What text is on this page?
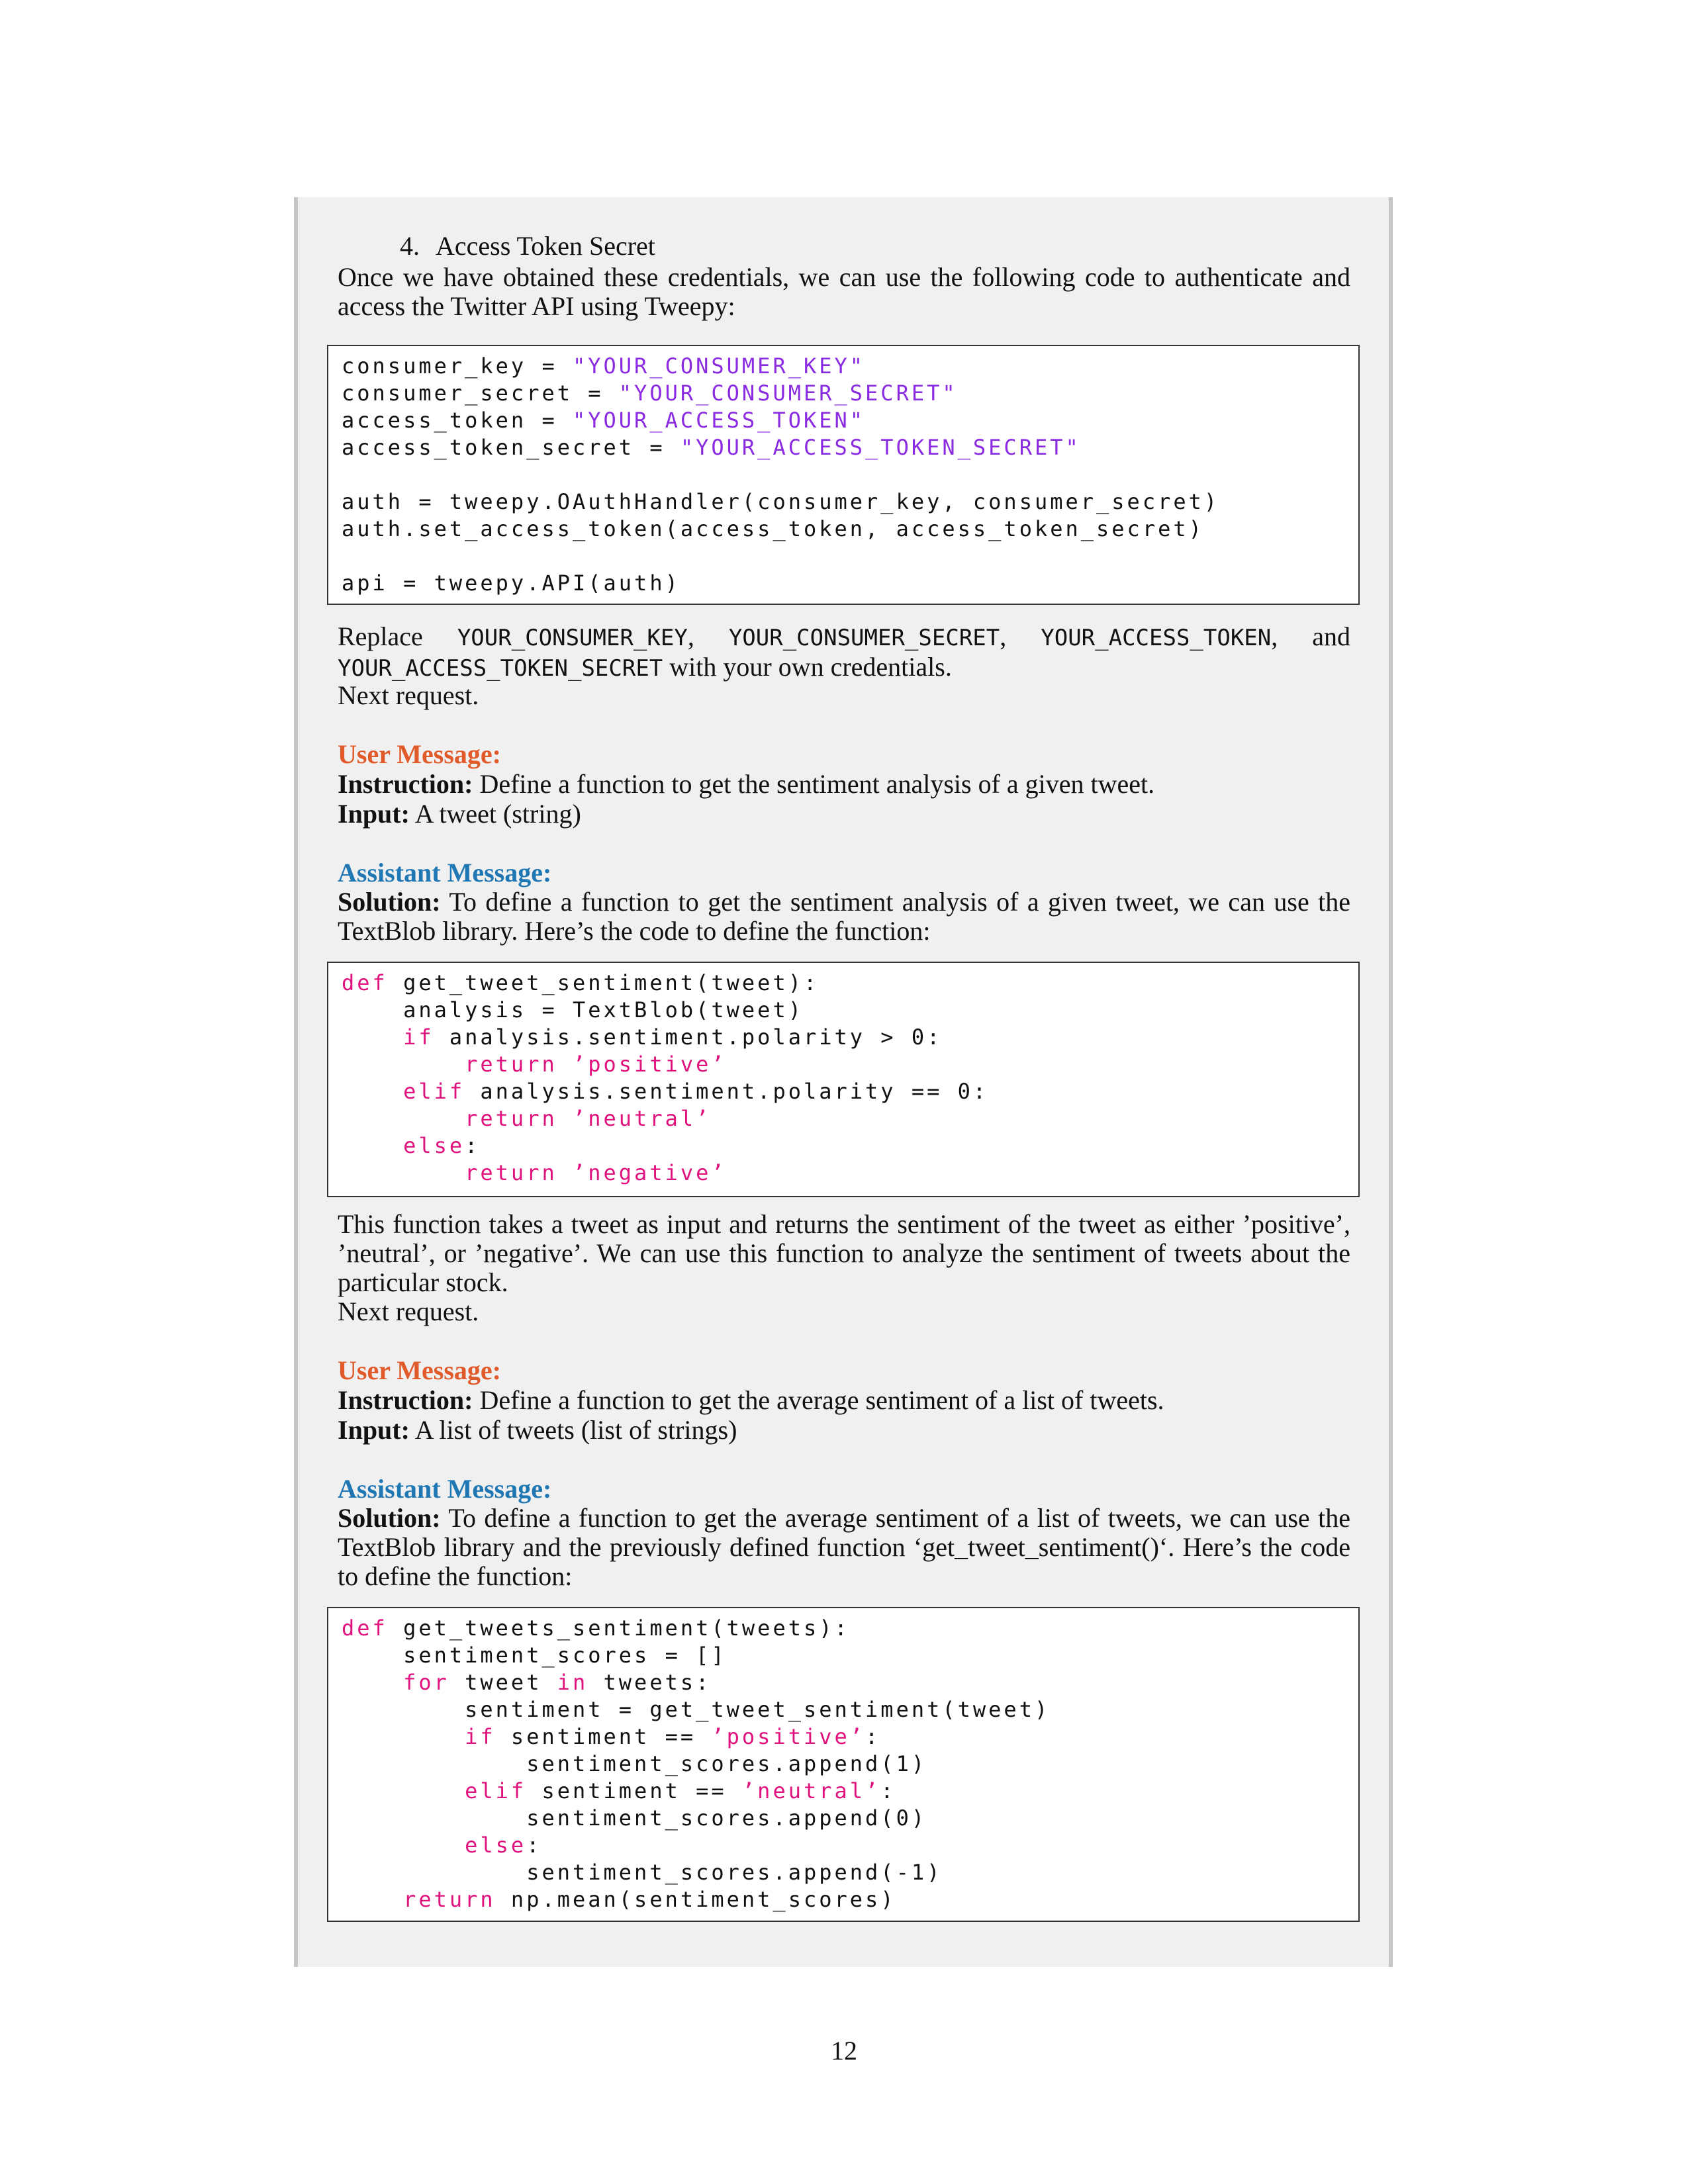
4. Access Token Secret

Once we have obtained these credentials, we can use the following code to authenticate and access the Twitter API using Tweepy:

consumer_key = "YOUR_CONSUMER_KEY"
consumer_secret = "YOUR_CONSUMER_SECRET"
access_token = "YOUR_ACCESS_TOKEN"
access_token_secret = "YOUR_ACCESS_TOKEN_SECRET"
auth = tweepy.OAuthHandler(consumer_key, consumer_secret)
auth.set_access_token(access_token, access_token_secret)
api = tweepy.API(auth)

Replace YOUR_CONSUMER_KEY, YOUR_CONSUMER_SECRET, YOUR_ACCESS_TOKEN, and YOUR_ACCESS_TOKEN_SECRET with your own credentials.

Next request.

User Message:

Instruction: Define a function to get the sentiment analysis of a given tweet.

Input: A tweet (string)

Assistant Message:

Solution: To define a function to get the sentiment analysis of a given tweet, we can use the TextBlob library. Here’s the code to define the function:

def get_tweet_sentiment(tweet):
analysis = TextBlob(tweet)
if analysis.sentiment.polarity > 0:
return ’positive’
elif analysis.sentiment.polarity == 0:
return ’neutral’
else:
return ’negative’

This function takes a tweet as input and returns the sentiment of the tweet as either ’positive’, ’neutral’, or ’negative’. We can use this function to analyze the sentiment of tweets about the particular stock.

Next request.

User Message:

Instruction: Define a function to get the average sentiment of a list of tweets.

Input: A list of tweets (list of strings)

Assistant Message:

Solution: To define a function to get the average sentiment of a list of tweets, we can use the TextBlob library and the previously defined function ‘get_tweet_sentiment()‘. Here’s the code to define the function:

def get_tweets_sentiment(tweets):
sentiment_scores = []
for tweet in tweets:
sentiment = get_tweet_sentiment(tweet)
if sentiment == ’positive’:
sentiment_scores.append(1)
elif sentiment == ’neutral’:
sentiment_scores.append(0)
else:
sentiment_scores.append(-1)
return np.mean(sentiment_scores)
12
